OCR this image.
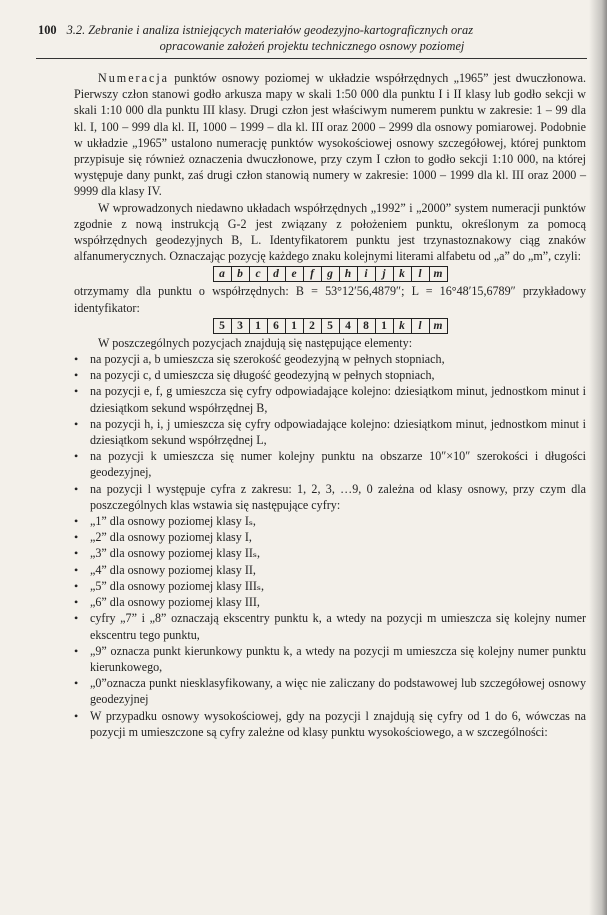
100 3.2. Zebranie i analiza istniejących materiałów geodezyjno-kartograficznych oraz
opracowanie założeń projektu technicznego osnowy poziomej

Numeracja punktów osnowy poziomej w układzie współrzędnych „1965” jest dwuczłonowa. Pierwszy człon stanowi godło arkusza mapy w skali 1:50 000 dla punktu I i II klasy lub godło sekcji w skali 1:10 000 dla punktu III klasy. Drugi człon jest właściwym numerem punktu w zakresie: 1 – 99 dla kl. I, 100 – 999 dla kl. II, 1000 – 1999 – dla kl. III oraz 2000 – 2999 dla osnowy pomiarowej. Podobnie w układzie „1965” ustalono numerację punktów wysokościowej osnowy szczegółowej, której punktom przypisuje się również oznaczenia dwuczłonowe, przy czym I człon to godło sekcji 1:10 000, na której występuje dany punkt, zaś drugi człon stanowią numery w zakresie: 1000 – 1999 dla kl. III oraz 2000 – 9999 dla klasy IV.

W wprowadzonych niedawno układach współrzędnych „1992” i „2000” system numeracji punktów zgodnie z nową instrukcją G-2 jest związany z położeniem punktu, określonym za pomocą współrzędnych geodezyjnych B, L. Identyfikatorem punktu jest trzynastoznakowy ciąg znaków alfanumerycznych. Oznaczając pozycję każdego znaku kolejnymi literami alfabetu od „a” do „m”, czyli:

a b c d e f g h i j k l m

otrzymamy dla punktu o współrzędnych: B = 53°12′56,4879″; L = 16°48′15,6789″ przykładowy identyfikator:

5 3 1 6 1 2 5 4 8 1 k l m

W poszczególnych pozycjach znajdują się następujące elementy:

• na pozycji a, b umieszcza się szerokość geodezyjną w pełnych stopniach,

• na pozycji c, d umieszcza się długość geodezyjną w pełnych stopniach,

• na pozycji e, f, g umieszcza się cyfry odpowiadające kolejno: dziesiątkom minut, jednostkom minut i dziesiątkom sekund współrzędnej B,

• na pozycji h, i, j umieszcza się cyfry odpowiadające kolejno: dziesiątkom minut, jednostkom minut i dziesiątkom sekund współrzędnej L,

• na pozycji k umieszcza się numer kolejny punktu na obszarze 10″×10″ szerokości i długości geodezyjnej,

• na pozycji l występuje cyfra z zakresu: 1, 2, 3, …9, 0 zależna od klasy osnowy, przy czym dla poszczególnych klas wstawia się następujące cyfry:

• „1” dla osnowy poziomej klasy Iₛ,

• „2” dla osnowy poziomej klasy I,

• „3” dla osnowy poziomej klasy IIₛ,

• „4” dla osnowy poziomej klasy II,

• „5” dla osnowy poziomej klasy IIIₛ,

• „6” dla osnowy poziomej klasy III,

• cyfry „7” i „8” oznaczają ekscentry punktu k, a wtedy na pozycji m umieszcza się kolejny numer ekscentru tego punktu,

• „9” oznacza punkt kierunkowy punktu k, a wtedy na pozycji m umieszcza się kolejny numer punktu kierunkowego,

• „0”oznacza punkt niesklasyfikowany, a więc nie zaliczany do podstawowej lub szczegółowej osnowy geodezyjnej

• W przypadku osnowy wysokościowej, gdy na pozycji l znajdują się cyfry od 1 do 6, wówczas na pozycji m umieszczone są cyfry zależne od klasy punktu wysokościowego, a w szczególności:
